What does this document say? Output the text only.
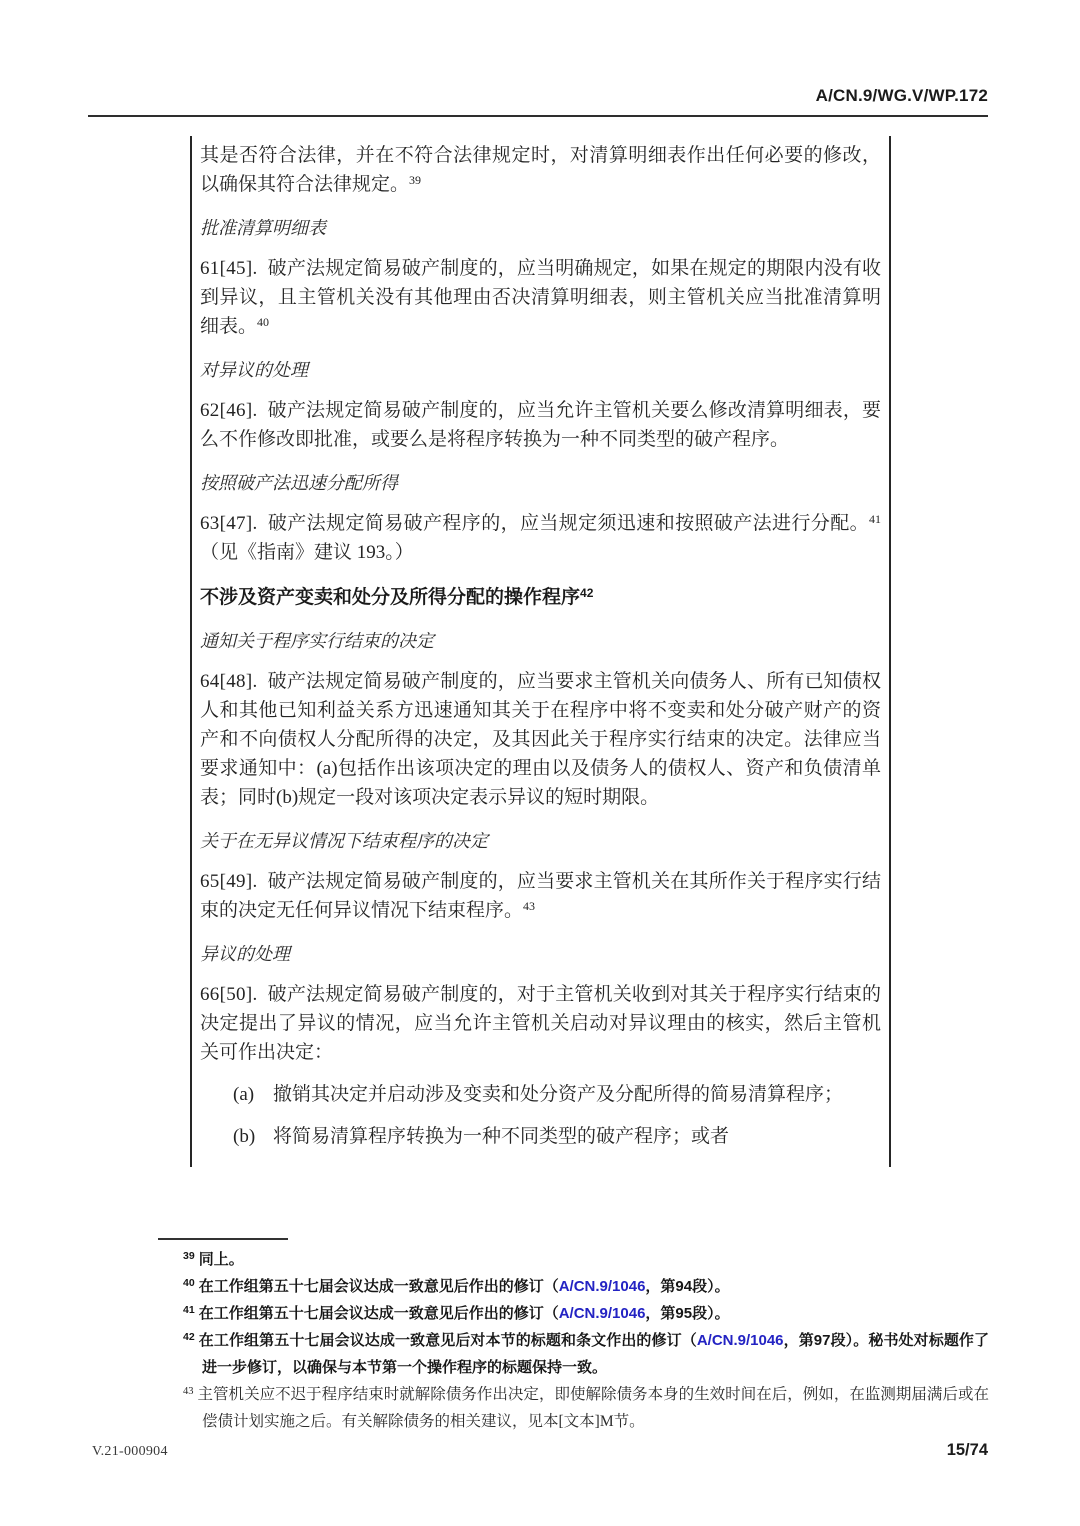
A/CN.9/WG.V/WP.172

其是否符合法律，并在不符合法律规定时，对清算明细表作出任何必要的修改，以确保其符合法律规定。$^{39}$

批准清算明细表

61[45]. 破产法规定简易破产制度的，应当明确规定，如果在规定的期限内没有收到异议，且主管机关没有其他理由否决清算明细表，则主管机关应当批准清算明细表。$^{40}$

对异议的处理

62[46]. 破产法规定简易破产制度的，应当允许主管机关要么修改清算明细表，要么不作修改即批准，或要么是将程序转换为一种不同类型的破产程序。

按照破产法迅速分配所得

63[47]. 破产法规定简易破产程序的，应当规定须迅速和按照破产法进行分配。$^{41}$（见《指南》建议 193。）

不涉及资产变卖和处分及所得分配的操作程序$^{42}$

通知关于程序实行结束的决定

64[48]. 破产法规定简易破产制度的，应当要求主管机关向债务人、所有已知债权人和其他已知利益关系方迅速通知其关于在程序中将不变卖和处分破产财产的资产和不向债权人分配所得的决定，及其因此关于程序实行结束的决定。法律应当要求通知中：(a)包括作出该项决定的理由以及债务人的债权人、资产和负债清单表；同时(b)规定一段对该项决定表示异议的短时期限。

关于在无异议情况下结束程序的决定

65[49]. 破产法规定简易破产制度的，应当要求主管机关在其所作关于程序实行结束的决定无任何异议情况下结束程序。$^{43}$

异议的处理

66[50]. 破产法规定简易破产制度的，对于主管机关收到对其关于程序实行结束的决定提出了异议的情况，应当允许主管机关启动对异议理由的核实，然后主管机关可作出决定：

(a) 撤销其决定并启动涉及变卖和处分资产及分配所得的简易清算程序；

(b) 将简易清算程序转换为一种不同类型的破产程序；或者

$^{39}$ 同上。

$^{40}$ 在工作组第五十七届会议达成一致意见后作出的修订（A/CN.9/1046，第94段）。

$^{41}$ 在工作组第五十七届会议达成一致意见后作出的修订（A/CN.9/1046，第95段）。

$^{42}$ 在工作组第五十七届会议达成一致意见后对本节的标题和条文作出的修订（A/CN.9/1046，第97段）。秘书处对标题作了进一步修订，以确保与本节第一个操作程序的标题保持一致。

$^{43}$ 主管机关应不迟于程序结束时就解除债务作出决定，即使解除债务本身的生效时间在后，例如，在监测期届满后或在偿债计划实施之后。有关解除债务的相关建议，见本[文本]M节。

V.21-000904	15/74
